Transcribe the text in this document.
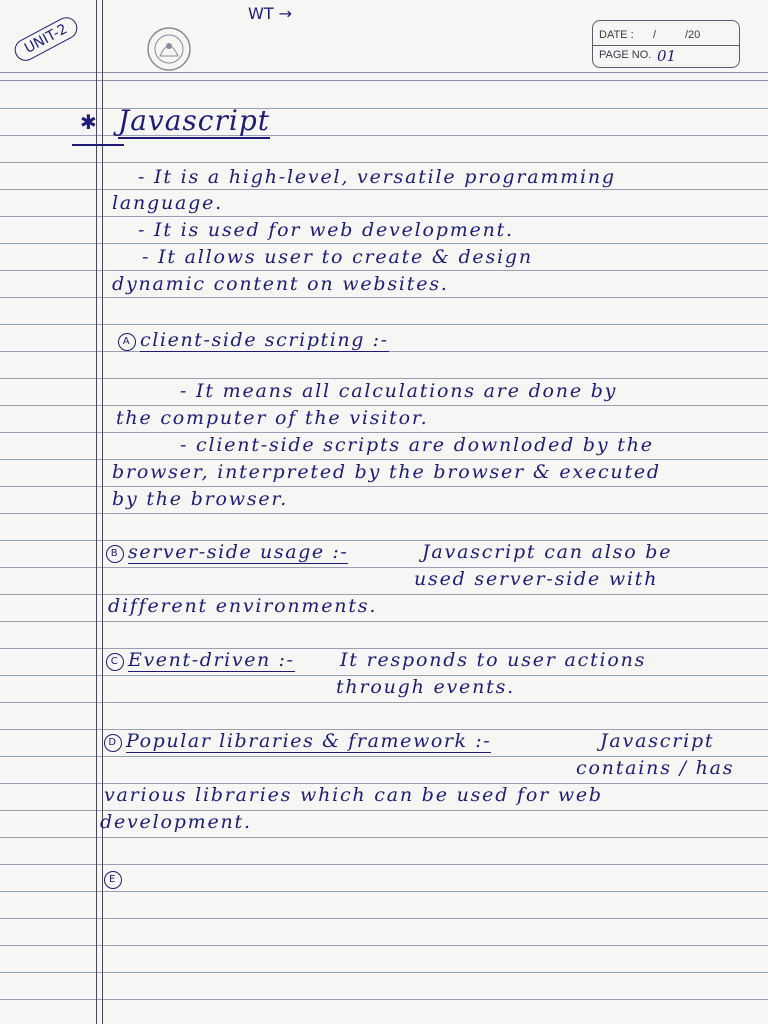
UNIT-2
WT →
DATE : /	/20
PAGE NO. 01
✱ Javascript
- It is a high-level, versatile programming
language.
- It is used for web development.
- It allows user to create & design
dynamic content on websites.
A client-side scripting :-
- It means all calculations are done by
the computer of the visitor.
- client-side scripts are downloded by the
browser, interpreted by the browser & executed
by the browser.
B server-side usage :-	Javascript can also be
used server-side with
different environments.
C Event-driven :- It responds to user actions
through events.
D Popular libraries & framework :-	Javascript
contains / has
various libraries which can be used for web
development.
E
